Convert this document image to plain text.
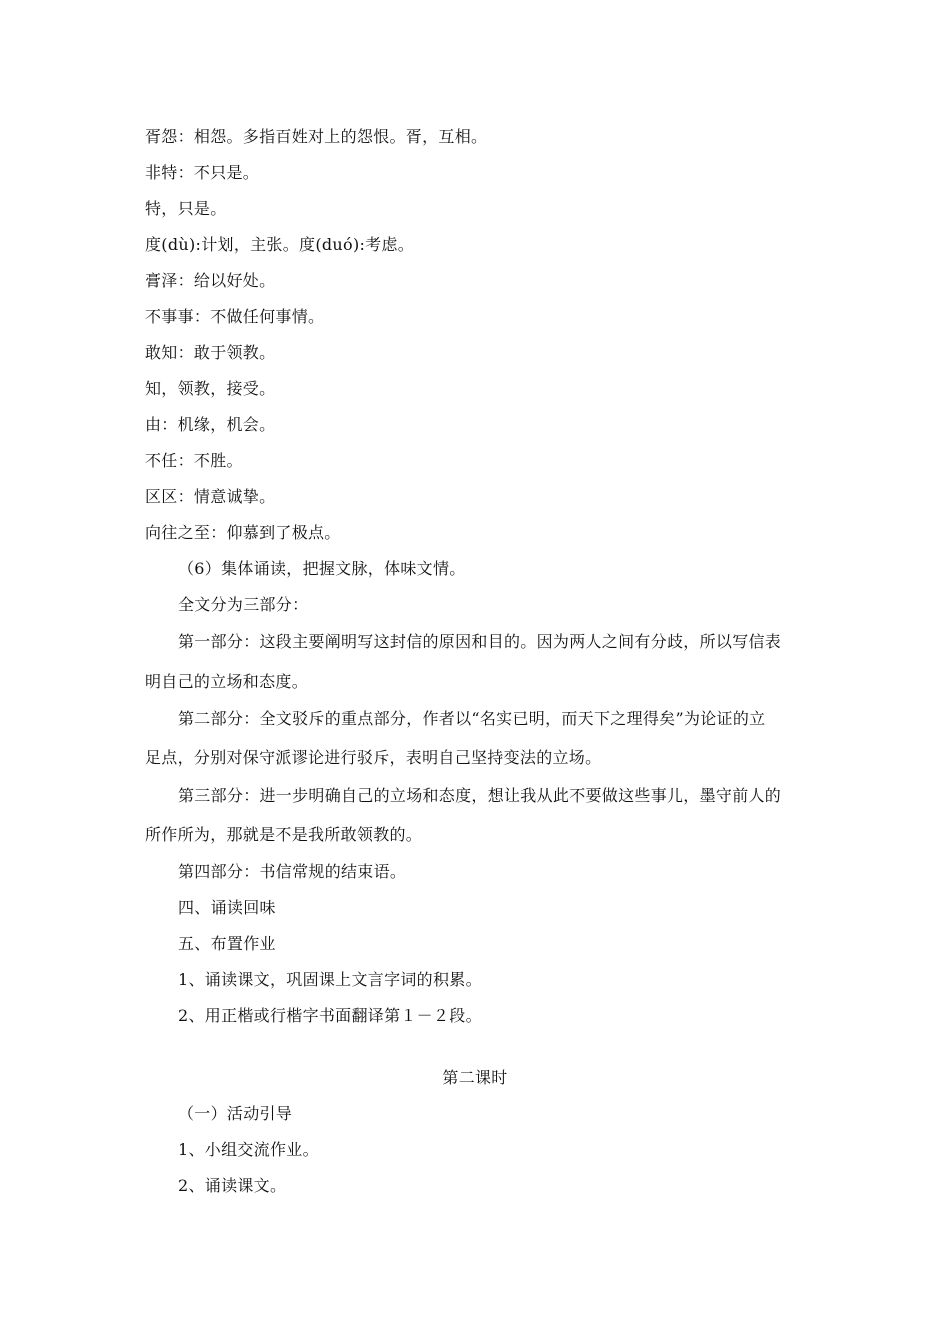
胥怨：相怨。多指百姓对上的怨恨。胥，互相。
非特：不只是。
特，只是。
度(dù):计划，主张。度(duó):考虑。
膏泽：给以好处。
不事事：不做任何事情。
敢知：敢于领教。
知，领教，接受。
由：机缘，机会。
不任：不胜。
区区：情意诚挚。
向往之至：仰慕到了极点。
（6）集体诵读，把握文脉，体味文情。
全文分为三部分：
第一部分：这段主要阐明写这封信的原因和目的。因为两人之间有分歧，所以写信表
明自己的立场和态度。
第二部分：全文驳斥的重点部分，作者以“名实已明，而天下之理得矣”为论证的立
足点，分别对保守派谬论进行驳斥，表明自己坚持变法的立场。
第三部分：进一步明确自己的立场和态度，想让我从此不要做这些事儿，墨守前人的
所作所为，那就是不是我所敢领教的。
第四部分：书信常规的结束语。
四、诵读回味
五、布置作业
1、诵读课文，巩固课上文言字词的积累。
2、用正楷或行楷字书面翻译第１－２段。
第二课时
（一）活动引导
1、小组交流作业。
2、诵读课文。
